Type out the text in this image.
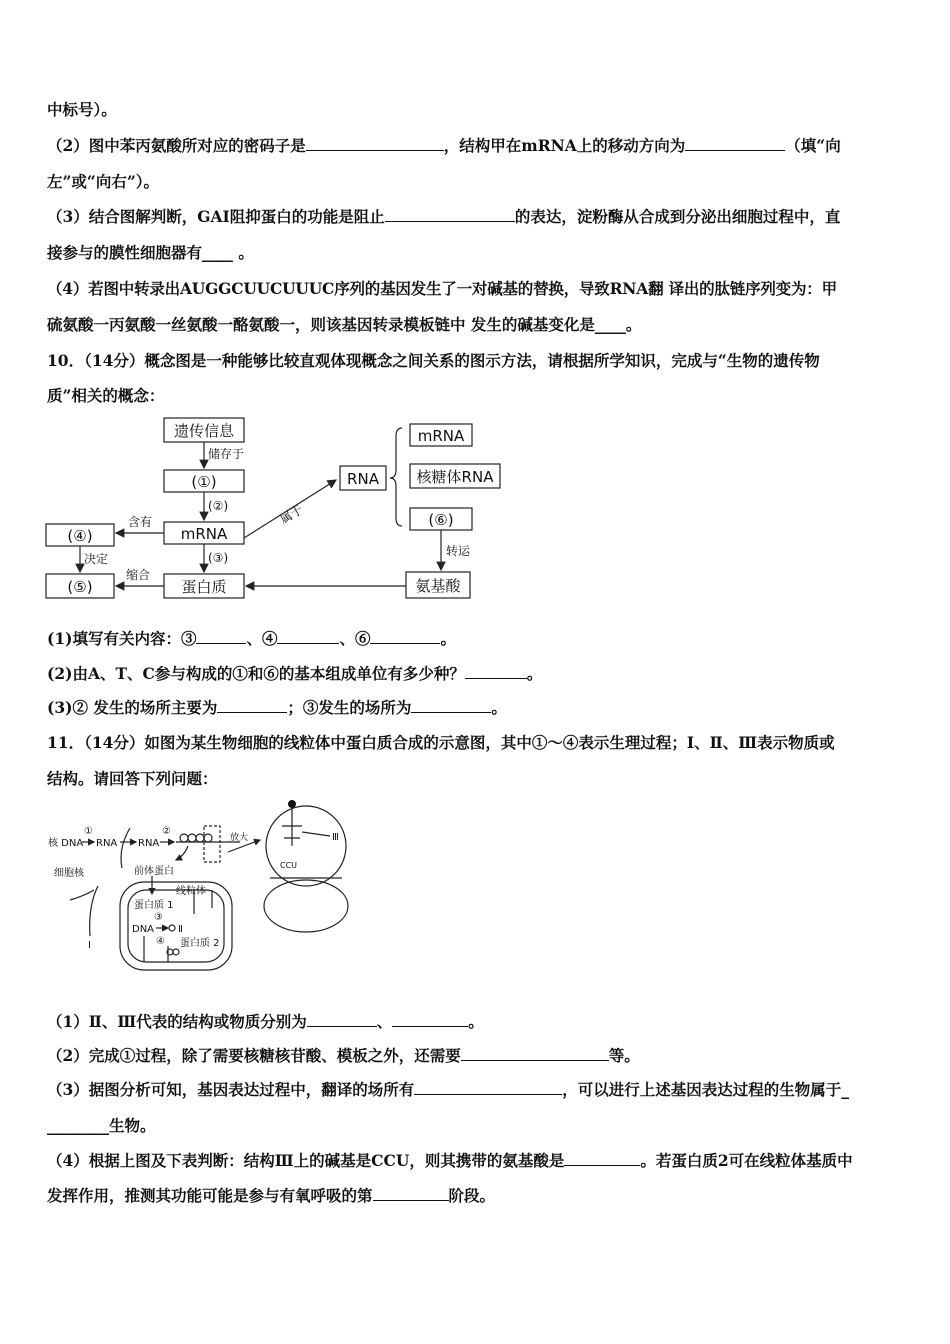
中标号）。
（2）图中苯丙氨酸所对应的密码子是	，结构甲在mRNA上的移动方向为	（填“向
左”或“向右”）。
（3）结合图解判断，GAI阻抑蛋白的功能是阻止	的表达，淀粉酶从合成到分泌出细胞过程中，直
接参与的膜性细胞器有____ 。
（4）若图中转录出AUGGCUUCUUUC序列的基因发生了一对碱基的替换，导致RNA翻 译出的肽链序列变为：甲
硫氨酸一丙氨酸一丝氨酸一酪氨酸一，则该基因转录模板链中 发生的碱基变化是____。
10．（14分）概念图是一种能够比较直观体现概念之间关系的图示方法，请根据所学知识，完成与“生物的遗传物
质”相关的概念：
遗传信息
储存于
(①)
(②)
mRNA
(③)
蛋白质
(④)
含有
决定
(⑤)
缩合
RNA
属于
mRNA
核糖体RNA
(⑥)
转运
氨基酸
(1)填写有关内容：③	、④	、⑥	。
(2)由A、T、C参与构成的①和⑥的基本组成单位有多少种？	。
(3)② 发生的场所主要为	；③发生的场所为	。
11．（14分）如图为某生物细胞的线粒体中蛋白质合成的示意图，其中①～④表示生理过程；Ⅰ、Ⅱ、Ⅲ表示物质或
结构。请回答下列问题：
核 DNA
①
RNA RNA
②
放大
细胞核
Ⅰ
前体蛋白
线粒体
蛋白质 1
③
DNA Ⅱ
④ 蛋白质 2
Ⅲ
CCU
（1）Ⅱ、Ⅲ代表的结构或物质分别为	、	。
（2）完成①过程，除了需要核糖核苷酸、模板之外，还需要	等。
（3）据图分析可知，基因表达过程中，翻译的场所有	，可以进行上述基因表达过程的生物属于_
________生物。
（4）根据上图及下表判断：结构Ⅲ上的碱基是CCU，则其携带的氨基酸是	。若蛋白质2可在线粒体基质中
发挥作用，推测其功能可能是参与有氧呼吸的第	阶段。
